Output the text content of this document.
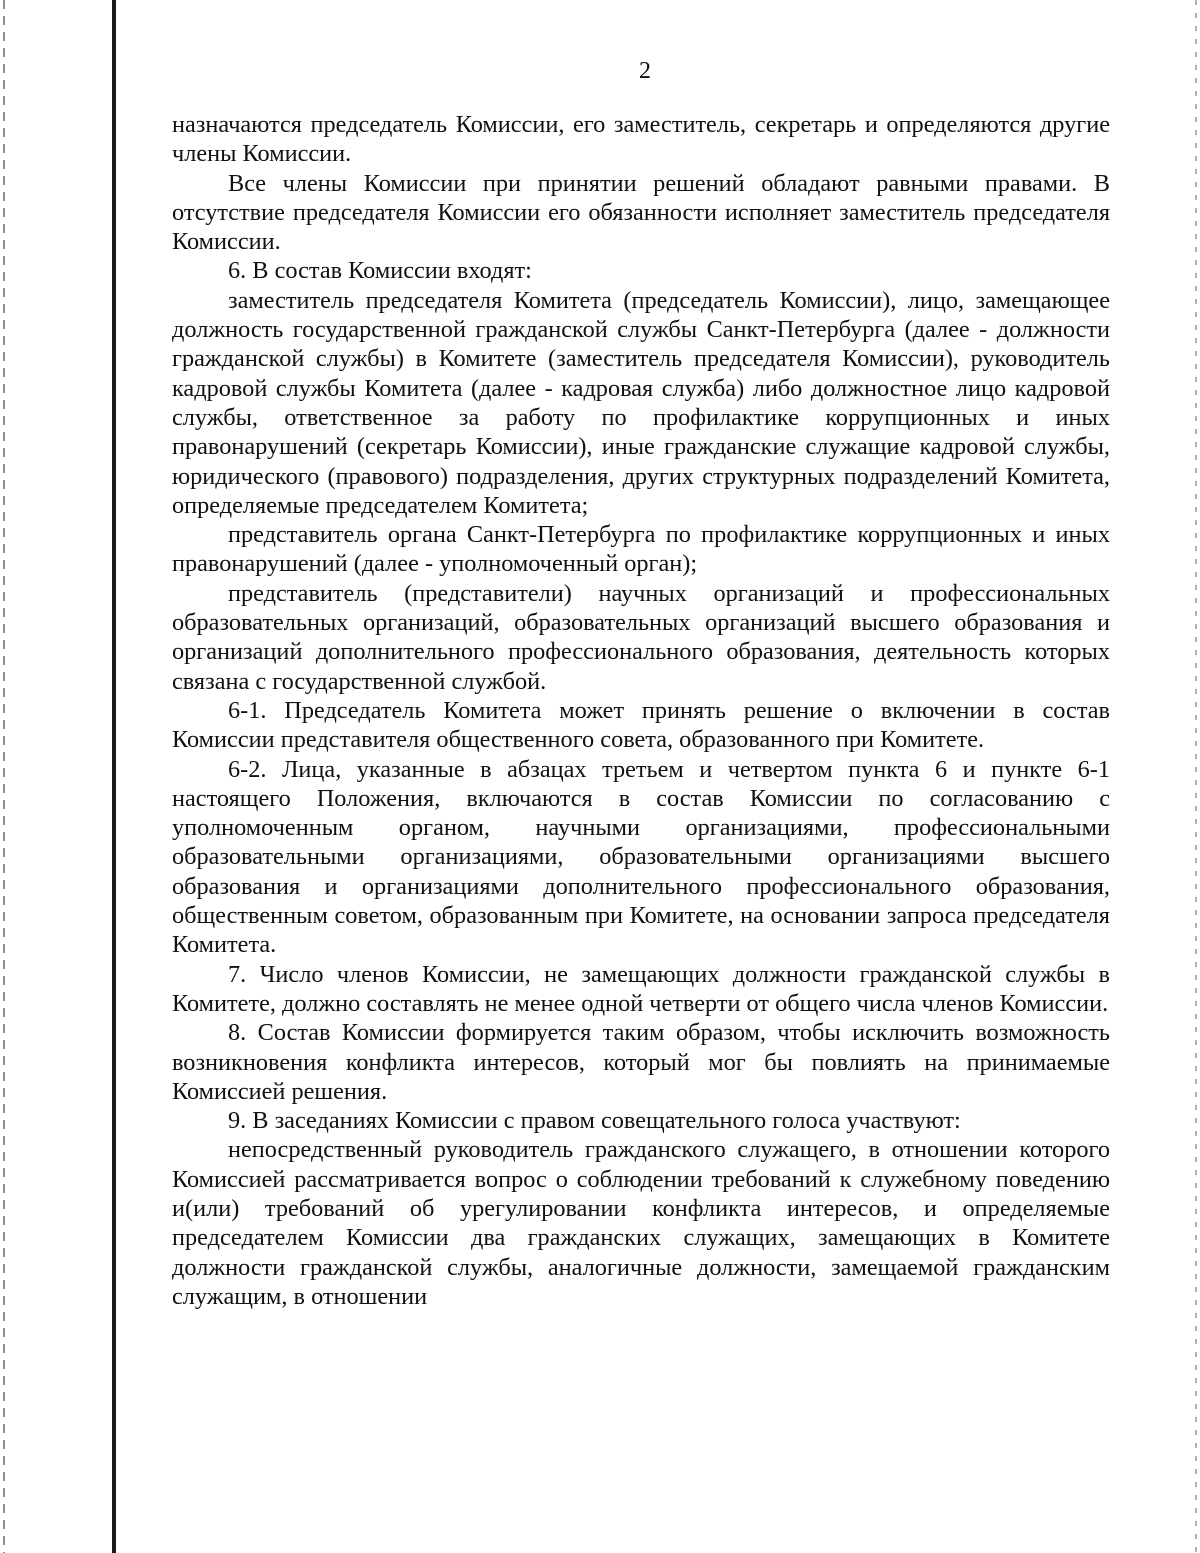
2

назначаются председатель Комиссии, его заместитель, секретарь и определяются другие члены Комиссии.

Все члены Комиссии при принятии решений обладают равными правами. В отсутствие председателя Комиссии его обязанности исполняет заместитель председателя Комиссии.

6. В состав Комиссии входят:

заместитель председателя Комитета (председатель Комиссии), лицо, замещающее должность государственной гражданской службы Санкт-Петербурга (далее - должности гражданской службы) в Комитете (заместитель председателя Комиссии), руководитель кадровой службы Комитета (далее - кадровая служба) либо должностное лицо кадровой службы, ответственное за работу по профилактике коррупционных и иных правонарушений (секретарь Комиссии), иные гражданские служащие кадровой службы, юридического (правового) подразделения, других структурных подразделений Комитета, определяемые председателем Комитета;

представитель органа Санкт-Петербурга по профилактике коррупционных и иных правонарушений (далее - уполномоченный орган);

представитель (представители) научных организаций и профессиональных образовательных организаций, образовательных организаций высшего образования и организаций дополнительного профессионального образования, деятельность которых связана с государственной службой.

6-1. Председатель Комитета может принять решение о включении в состав Комиссии представителя общественного совета, образованного при Комитете.

6-2. Лица, указанные в абзацах третьем и четвертом пункта 6 и пункте 6-1 настоящего Положения, включаются в состав Комиссии по согласованию с уполномоченным органом, научными организациями, профессиональными образовательными организациями, образовательными организациями высшего образования и организациями дополнительного профессионального образования, общественным советом, образованным при Комитете, на основании запроса председателя Комитета.

7. Число членов Комиссии, не замещающих должности гражданской службы в Комитете, должно составлять не менее одной четверти от общего числа членов Комиссии.

8. Состав Комиссии формируется таким образом, чтобы исключить возможность возникновения конфликта интересов, который мог бы повлиять на принимаемые Комиссией решения.

9. В заседаниях Комиссии с правом совещательного голоса участвуют:

непосредственный руководитель гражданского служащего, в отношении которого Комиссией рассматривается вопрос о соблюдении требований к служебному поведению и(или) требований об урегулировании конфликта интересов, и определяемые председателем Комиссии два гражданских служащих, замещающих в Комитете должности гражданской службы, аналогичные должности, замещаемой гражданским служащим, в отношении
